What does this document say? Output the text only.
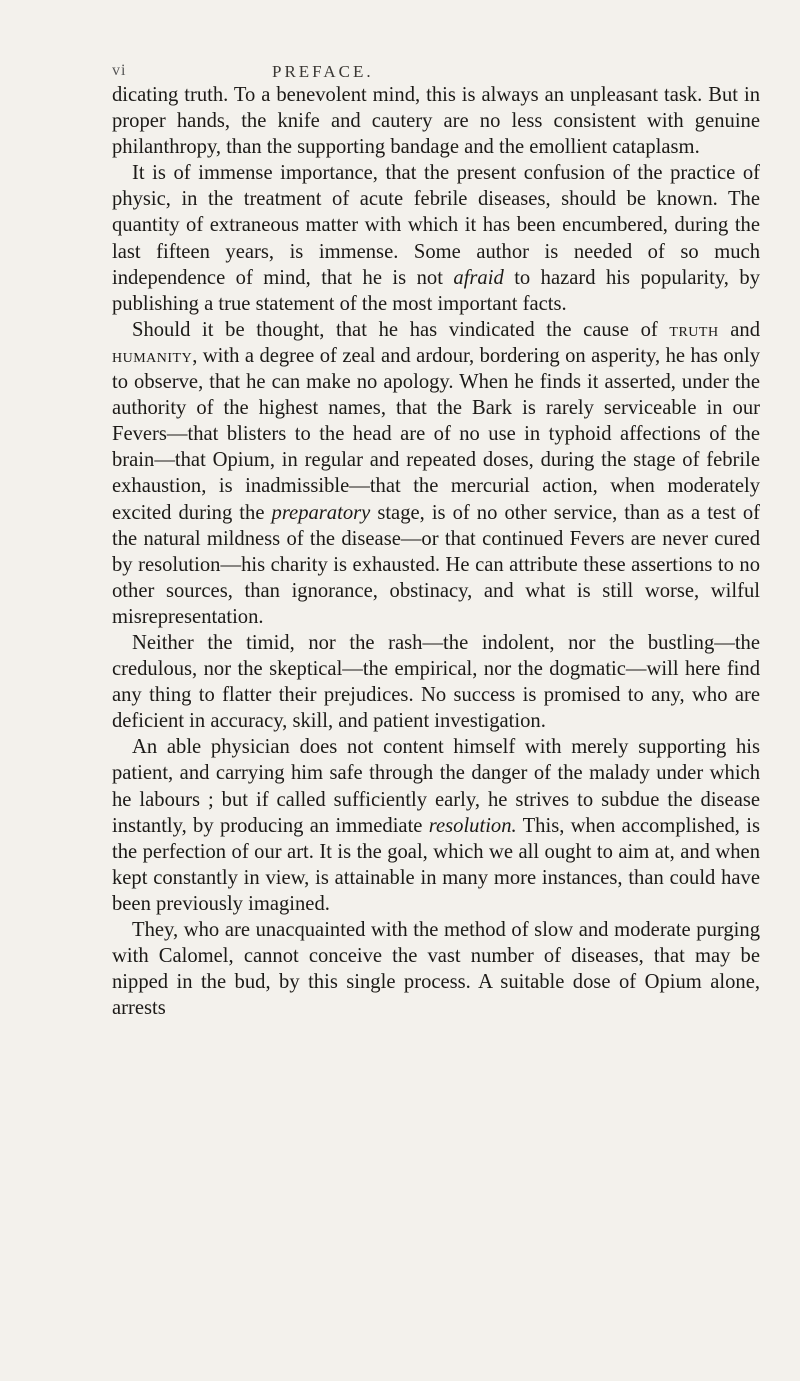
vi	PREFACE.

dicating truth. To a benevolent mind, this is always an unpleasant task. But in proper hands, the knife and cautery are no less consistent with genuine philanthropy, than the supporting bandage and the emollient cataplasm.

It is of immense importance, that the present confusion of the practice of physic, in the treatment of acute febrile diseases, should be known. The quantity of extraneous matter with which it has been encumbered, during the last fifteen years, is immense. Some author is needed of so much independence of mind, that he is not afraid to hazard his popularity, by publishing a true statement of the most important facts.

Should it be thought, that he has vindicated the cause of truth and humanity, with a degree of zeal and ardour, bordering on asperity, he has only to observe, that he can make no apology. When he finds it asserted, under the authority of the highest names, that the Bark is rarely serviceable in our Fevers—that blisters to the head are of no use in typhoid affections of the brain—that Opium, in regular and repeated doses, during the stage of febrile exhaustion, is inadmissible—that the mercurial action, when moderately excited during the preparatory stage, is of no other service, than as a test of the natural mildness of the disease—or that continued Fevers are never cured by resolution—his charity is exhausted. He can attribute these assertions to no other sources, than ignorance, obstinacy, and what is still worse, wilful misrepresentation.

Neither the timid, nor the rash—the indolent, nor the bustling—the credulous, nor the skeptical—the empirical, nor the dogmatic—will here find any thing to flatter their prejudices. No success is promised to any, who are deficient in accuracy, skill, and patient investigation.

An able physician does not content himself with merely supporting his patient, and carrying him safe through the danger of the malady under which he labours ; but if called sufficiently early, he strives to subdue the disease instantly, by producing an immediate resolution. This, when accomplished, is the perfection of our art. It is the goal, which we all ought to aim at, and when kept constantly in view, is attainable in many more instances, than could have been previously imagined.

They, who are unacquainted with the method of slow and moderate purging with Calomel, cannot conceive the vast number of diseases, that may be nipped in the bud, by this single process. A suitable dose of Opium alone, arrests
